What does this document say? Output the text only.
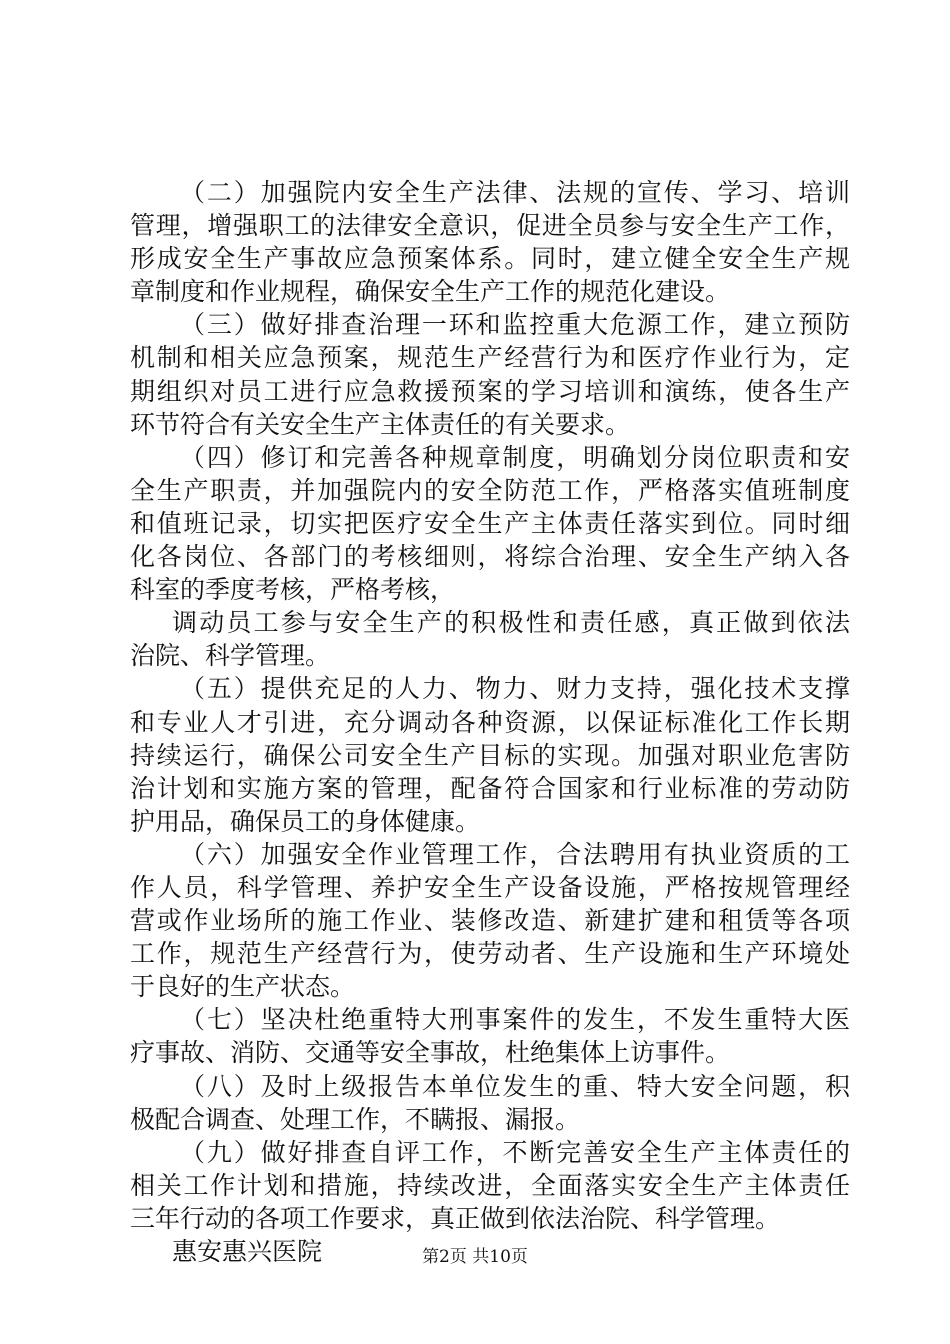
（二）加强院内安全生产法律、法规的宣传、学习、培训
管理，增强职工的法律安全意识，促进全员参与安全生产工作，
形成安全生产事故应急预案体系。同时，建立健全安全生产规
章制度和作业规程，确保安全生产工作的规范化建设。
（三）做好排查治理一环和监控重大危源工作，建立预防
机制和相关应急预案，规范生产经营行为和医疗作业行为，定
期组织对员工进行应急救援预案的学习培训和演练，使各生产
环节符合有关安全生产主体责任的有关要求。
（四）修订和完善各种规章制度，明确划分岗位职责和安
全生产职责，并加强院内的安全防范工作，严格落实值班制度
和值班记录，切实把医疗安全生产主体责任落实到位。同时细
化各岗位、各部门的考核细则，将综合治理、安全生产纳入各
科室的季度考核，严格考核，
调动员工参与安全生产的积极性和责任感，真正做到依法
治院、科学管理。
（五）提供充足的人力、物力、财力支持，强化技术支撑
和专业人才引进，充分调动各种资源，以保证标准化工作长期
持续运行，确保公司安全生产目标的实现。加强对职业危害防
治计划和实施方案的管理，配备符合国家和行业标准的劳动防
护用品，确保员工的身体健康。
（六）加强安全作业管理工作，合法聘用有执业资质的工
作人员，科学管理、养护安全生产设备设施，严格按规管理经
营或作业场所的施工作业、装修改造、新建扩建和租赁等各项
工作，规范生产经营行为，使劳动者、生产设施和生产环境处
于良好的生产状态。
（七）坚决杜绝重特大刑事案件的发生，不发生重特大医
疗事故、消防、交通等安全事故，杜绝集体上访事件。
（八）及时上级报告本单位发生的重、特大安全问题，积
极配合调查、处理工作，不瞒报、漏报。
（九）做好排查自评工作，不断完善安全生产主体责任的
相关工作计划和措施，持续改进，全面落实安全生产主体责任
三年行动的各项工作要求，真正做到依法治院、科学管理。
惠安惠兴医院	第2页 共10页
